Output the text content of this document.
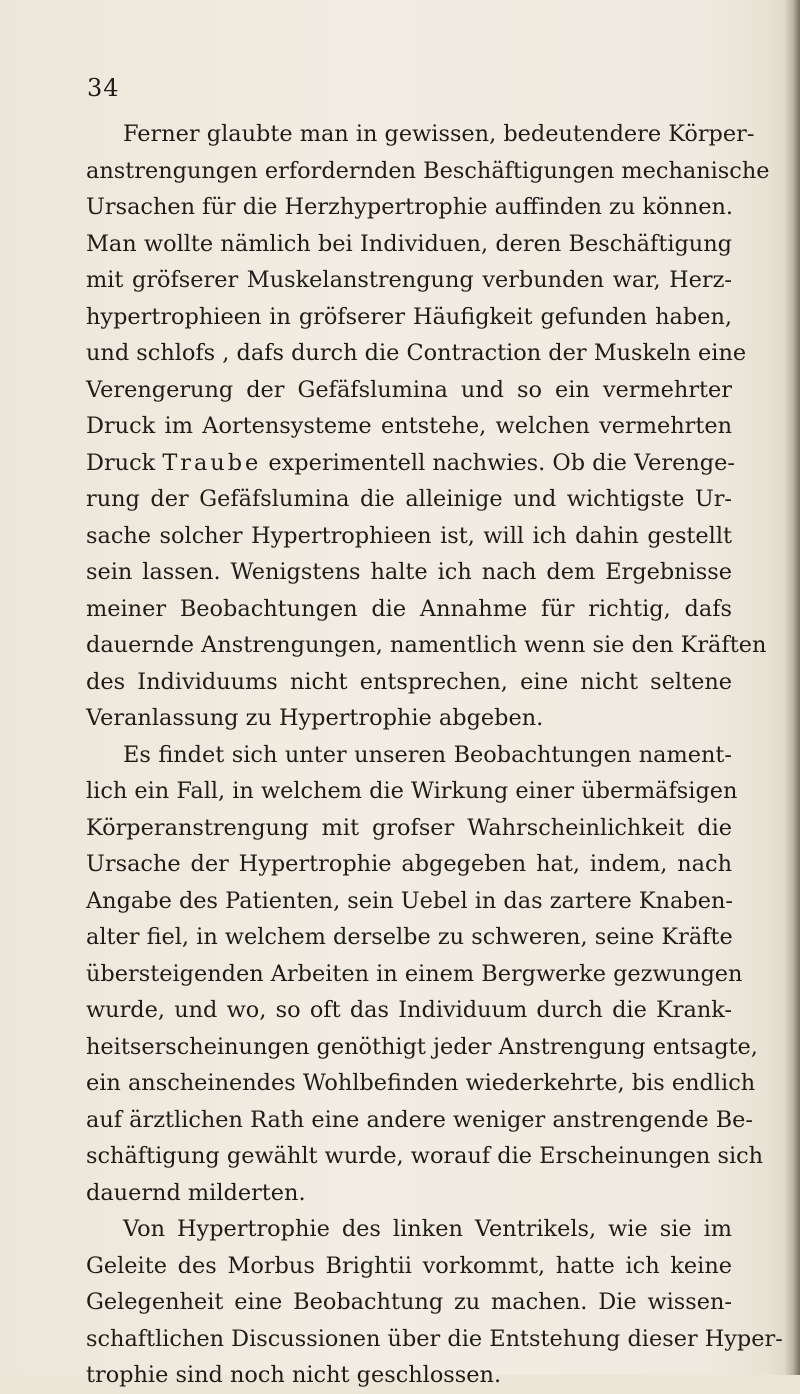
34
Ferner glaubte man in gewissen, bedeutendere Körper-
anstrengungen erfordernden Beschäftigungen mechanische
Ursachen für die Herzhypertrophie auffinden zu können.
Man wollte nämlich bei Individuen, deren Beschäftigung
mit gröfserer Muskelanstrengung verbunden war, Herz-
hypertrophieen in gröfserer Häufigkeit gefunden haben,
und schlofs , dafs durch die Contraction der Muskeln eine
Verengerung der Gefäfslumina und so ein vermehrter
Druck im Aortensysteme entstehe, welchen vermehrten
Druck Traube experimentell nachwies. Ob die Verenge-
rung der Gefäfslumina die alleinige und wichtigste Ur-
sache solcher Hypertrophieen ist, will ich dahin gestellt
sein lassen. Wenigstens halte ich nach dem Ergebnisse
meiner Beobachtungen die Annahme für richtig, dafs
dauernde Anstrengungen, namentlich wenn sie den Kräften
des Individuums nicht entsprechen, eine nicht seltene
Veranlassung zu Hypertrophie abgeben.
Es findet sich unter unseren Beobachtungen nament-
lich ein Fall, in welchem die Wirkung einer übermäfsigen
Körperanstrengung mit grofser Wahrscheinlichkeit die
Ursache der Hypertrophie abgegeben hat, indem, nach
Angabe des Patienten, sein Uebel in das zartere Knaben-
alter fiel, in welchem derselbe zu schweren, seine Kräfte
übersteigenden Arbeiten in einem Bergwerke gezwungen
wurde, und wo, so oft das Individuum durch die Krank-
heitserscheinungen genöthigt jeder Anstrengung entsagte,
ein anscheinendes Wohlbefinden wiederkehrte, bis endlich
auf ärztlichen Rath eine andere weniger anstrengende Be-
schäftigung gewählt wurde, worauf die Erscheinungen sich
dauernd milderten.
Von Hypertrophie des linken Ventrikels, wie sie im
Geleite des Morbus Brightii vorkommt, hatte ich keine
Gelegenheit eine Beobachtung zu machen. Die wissen-
schaftlichen Discussionen über die Entstehung dieser Hyper-
trophie sind noch nicht geschlossen.
